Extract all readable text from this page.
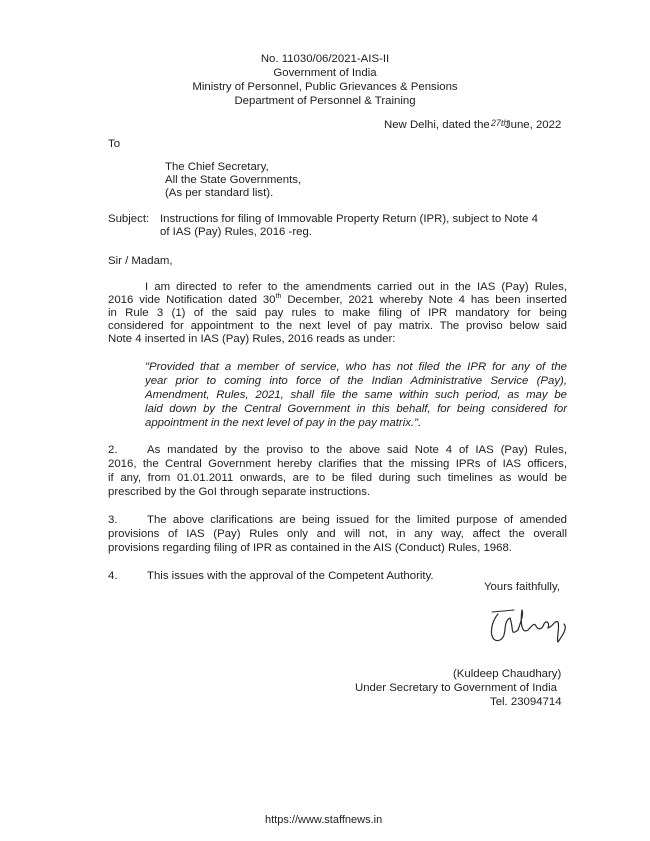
No. 11030/06/2021-AIS-II
Government of India
Ministry of Personnel, Public Grievances & Pensions
Department of Personnel & Training
New Delhi, dated the 27th
June, 2022
To
The Chief Secretary,
All the State Governments,
(As per standard list).
Subject: Instructions for filing of Immovable Property Return (IPR), subject to Note 4
of IAS (Pay) Rules, 2016 -reg.
Sir / Madam,
I am directed to refer to the amendments carried out in the IAS (Pay) Rules,
2016 vide Notification dated 30th December, 2021 whereby Note 4 has been inserted
in Rule 3 (1) of the said pay rules to make filing of IPR mandatory for being
considered for appointment to the next level of pay matrix. The proviso below said
Note 4 inserted in IAS (Pay) Rules, 2016 reads as under:
"Provided that a member of service, who has not filed the IPR for any of the
year prior to coming into force of the Indian Administrative Service (Pay),
Amendment, Rules, 2021, shall file the same within such period, as may be
laid down by the Central Government in this behalf, for being considered for
appointment in the next level of pay in the pay matrix.".
2.	As mandated by the proviso to the above said Note 4 of IAS (Pay) Rules,
2016, the Central Government hereby clarifies that the missing IPRs of IAS officers,
if any, from 01.01.2011 onwards, are to be filed during such timelines as would be
prescribed by the GoI through separate instructions.
3.	The above clarifications are being issued for the limited purpose of amended
provisions of IAS (Pay) Rules only and will not, in any way, affect the overall
provisions regarding filing of IPR as contained in the AIS (Conduct) Rules, 1968.
4.	This issues with the approval of the Competent Authority.
Yours faithfully,
(Kuldeep Chaudhary)
Under Secretary to Government of India
Tel. 23094714
https://www.staffnews.in
